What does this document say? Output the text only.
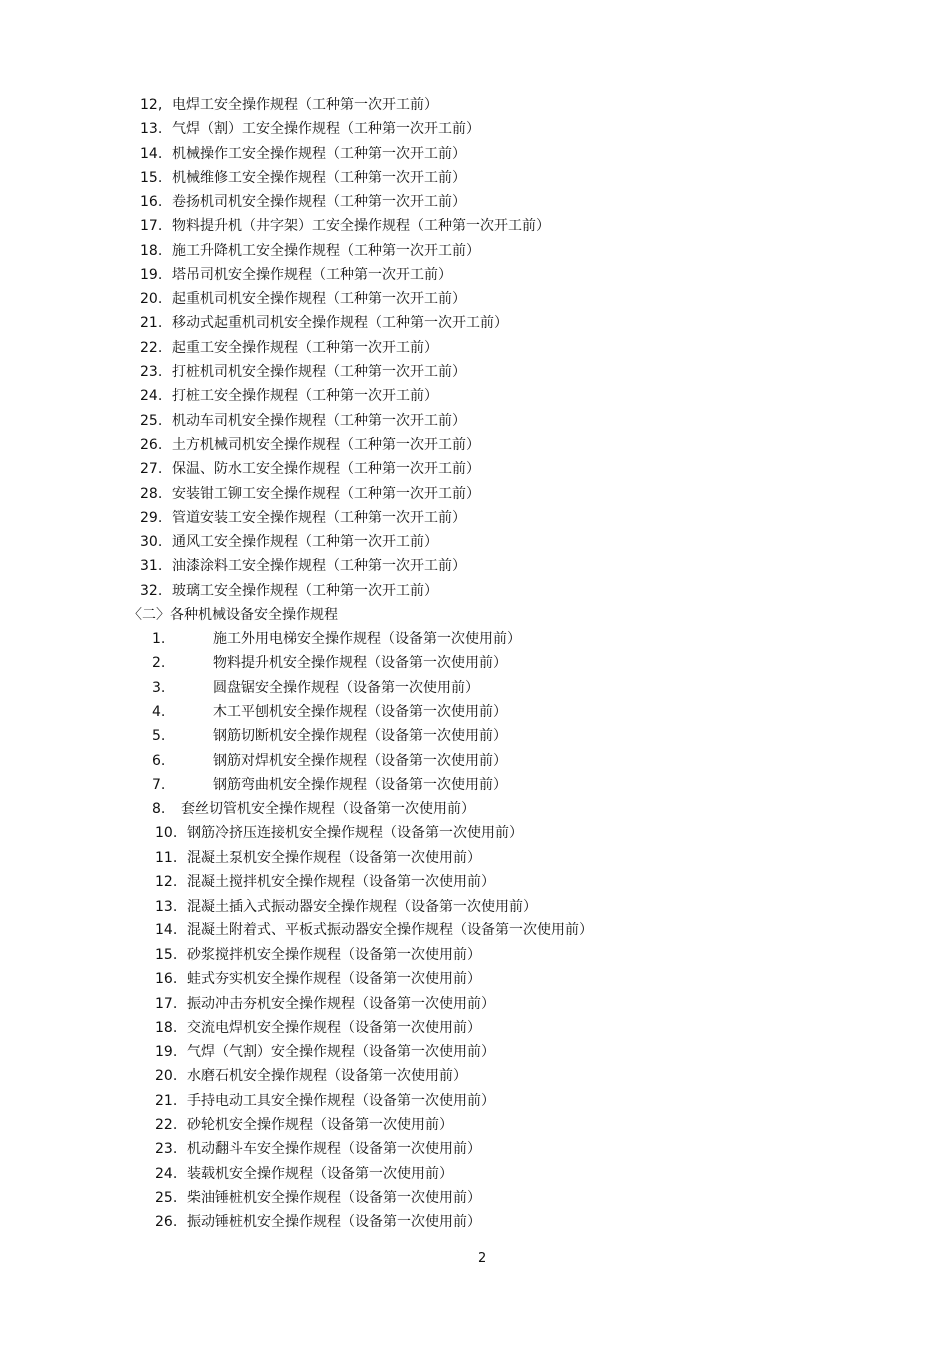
12, 电焊工安全操作规程（工种第一次开工前）
13. 气焊（割）工安全操作规程（工种第一次开工前）
14. 机械操作工安全操作规程（工种第一次开工前）
15. 机械维修工安全操作规程（工种第一次开工前）
16. 卷扬机司机安全操作规程（工种第一次开工前）
17. 物料提升机（井字架）工安全操作规程（工种第一次开工前）
18. 施工升降机工安全操作规程（工种第一次开工前）
19. 塔吊司机安全操作规程（工种第一次开工前）
20. 起重机司机安全操作规程（工种第一次开工前）
21. 移动式起重机司机安全操作规程（工种第一次开工前）
22. 起重工安全操作规程（工种第一次开工前）
23. 打桩机司机安全操作规程（工种第一次开工前）
24. 打桩工安全操作规程（工种第一次开工前）
25. 机动车司机安全操作规程（工种第一次开工前）
26. 土方机械司机安全操作规程（工种第一次开工前）
27. 保温、防水工安全操作规程（工种第一次开工前）
28. 安装钳工铆工安全操作规程（工种第一次开工前）
29. 管道安装工安全操作规程（工种第一次开工前）
30. 通风工安全操作规程（工种第一次开工前）
31. 油漆涂料工安全操作规程（工种第一次开工前）
32. 玻璃工安全操作规程（工种第一次开工前）
〈二〉各种机械设备安全操作规程
1.	施工外用电梯安全操作规程（设备第一次使用前）
2.	物料提升机安全操作规程（设备第一次使用前）
3.	圆盘锯安全操作规程（设备第一次使用前）
4.	木工平刨机安全操作规程（设备第一次使用前）
5.	钢筋切断机安全操作规程（设备第一次使用前）
6.	钢筋对焊机安全操作规程（设备第一次使用前）
7.	钢筋弯曲机安全操作规程（设备第一次使用前）
8. 套丝切管机安全操作规程（设备第一次使用前）
10. 钢筋冷挤压连接机安全操作规程（设备第一次使用前）
11. 混凝土泵机安全操作规程（设备第一次使用前）
12. 混凝土搅拌机安全操作规程（设备第一次使用前）
13. 混凝土插入式振动器安全操作规程（设备第一次使用前）
14. 混凝土附着式、平板式振动器安全操作规程（设备第一次使用前）
15. 砂浆搅拌机安全操作规程（设备第一次使用前）
16. 蛙式夯实机安全操作规程（设备第一次使用前）
17. 振动冲击夯机安全操作规程（设备第一次使用前）
18. 交流电焊机安全操作规程（设备第一次使用前）
19. 气焊（气割）安全操作规程（设备第一次使用前）
20. 水磨石机安全操作规程（设备第一次使用前）
21. 手持电动工具安全操作规程（设备第一次使用前）
22. 砂轮机安全操作规程（设备第一次使用前）
23. 机动翻斗车安全操作规程（设备第一次使用前）
24. 装载机安全操作规程（设备第一次使用前）
25. 柴油锤桩机安全操作规程（设备第一次使用前）
26. 振动锤桩机安全操作规程（设备第一次使用前）
2
